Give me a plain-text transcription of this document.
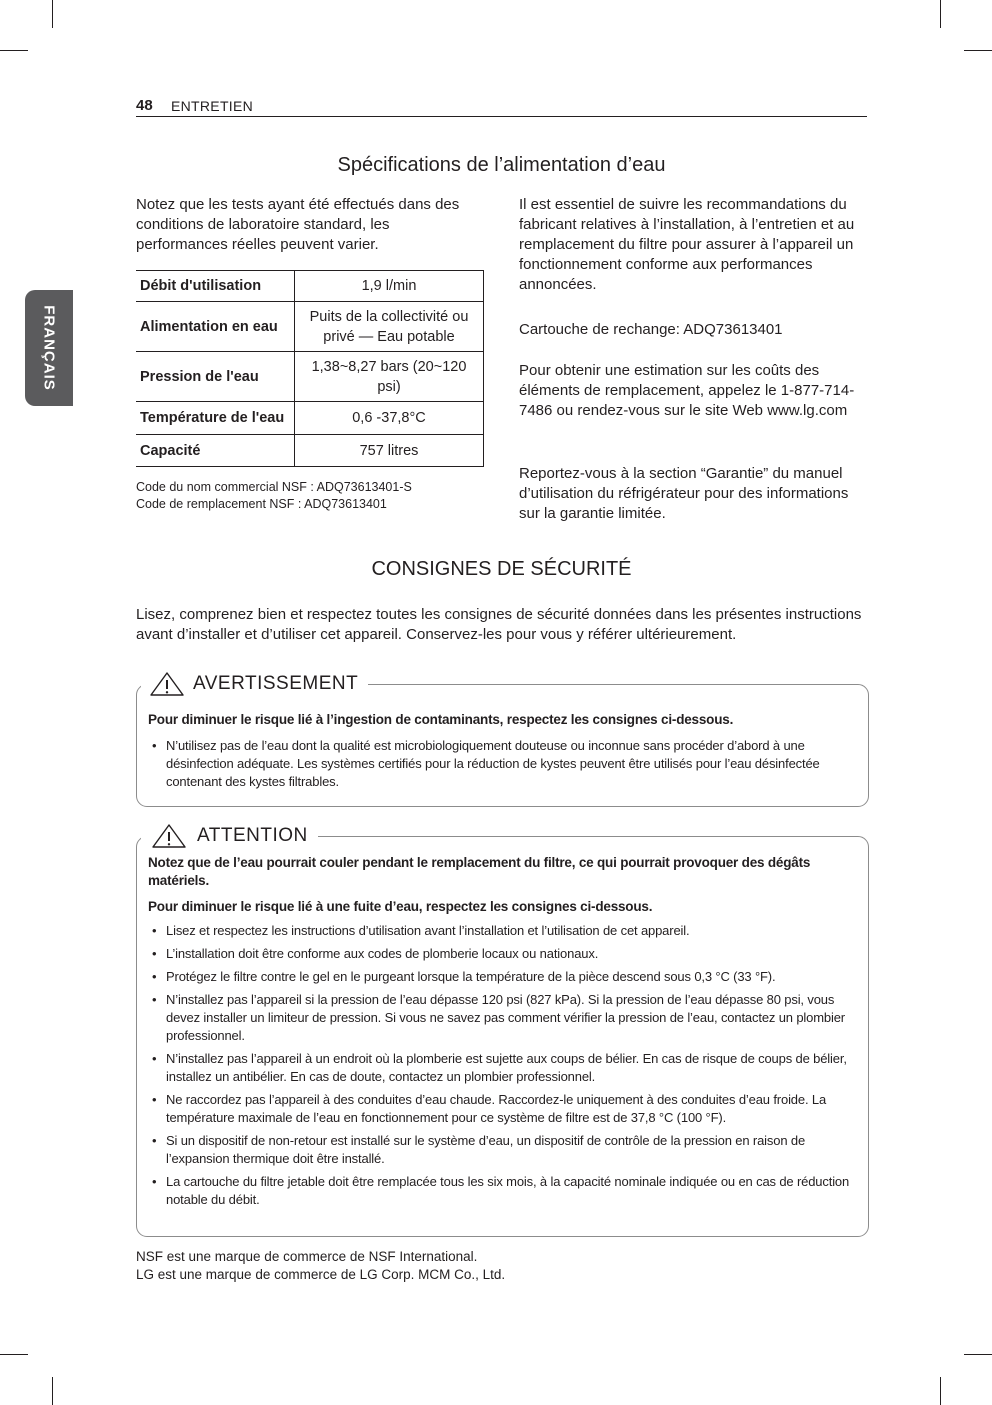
FRANÇAIS
48 ENTRETIEN
Spécifications de l’alimentation d’eau

Notez que les tests ayant été effectués dans des conditions de laboratoire standard, les performances réelles peuvent varier.

Débit d'utilisation	1,9 l/min
Alimentation en eau	Puits de la collectivité ou privé — Eau potable
Pression de l'eau	1,38~8,27 bars (20~120 psi)
Température de l'eau	0,6 -37,8°C
Capacité	757 litres
Code du nom commercial NSF : ADQ73613401-S
Code de remplacement NSF : ADQ73613401

Il est essentiel de suivre les recommandations du fabricant relatives à l’installation, à l’entretien et au remplacement du filtre pour assurer à l’appareil un fonctionnement conforme aux performances annoncées.

Cartouche de rechange: ADQ73613401

Pour obtenir une estimation sur les coûts des éléments de remplacement, appelez le 1-877-714-7486 ou rendez-vous sur le site Web www.lg.com

Reportez-vous à la section “Garantie” du manuel d’utilisation du réfrigérateur pour des informations sur la garantie limitée.

CONSIGNES DE SÉCURITÉ

Lisez, comprenez bien et respectez toutes les consignes de sécurité données dans les présentes instructions avant d’installer et d’utiliser cet appareil. Conservez-les pour vous y référer ultérieurement.

AVERTISSEMENT

Pour diminuer le risque lié à l’ingestion de contaminants, respectez les consignes ci-dessous.

• N’utilisez pas de l’eau dont la qualité est microbiologiquement douteuse ou inconnue sans procéder d’abord à une désinfection adéquate. Les systèmes certifiés pour la réduction de kystes peuvent être utilisés pour l’eau désinfectée contenant des kystes filtrables.
ATTENTION

Notez que de l’eau pourrait couler pendant le remplacement du filtre, ce qui pourrait provoquer des dégâts matériels.

Pour diminuer le risque lié à une fuite d’eau, respectez les consignes ci-dessous.

• Lisez et respectez les instructions d’utilisation avant l’installation et l’utilisation de cet appareil.
• L’installation doit être conforme aux codes de plomberie locaux ou nationaux.
• Protégez le filtre contre le gel en le purgeant lorsque la température de la pièce descend sous 0,3 °C (33 °F).
• N’installez pas l’appareil si la pression de l’eau dépasse 120 psi (827 kPa). Si la pression de l’eau dépasse 80 psi, vous devez installer un limiteur de pression. Si vous ne savez pas comment vérifier la pression de l’eau, contactez un plombier professionnel.
• N’installez pas l’appareil à un endroit où la plomberie est sujette aux coups de bélier. En cas de risque de coups de bélier, installez un antibélier. En cas de doute, contactez un plombier professionnel.
• Ne raccordez pas l’appareil à des conduites d’eau chaude. Raccordez-le uniquement à des conduites d’eau froide. La température maximale de l’eau en fonctionnement pour ce système de filtre est de 37,8 °C (100 °F).
• Si un dispositif de non-retour est installé sur le système d’eau, un dispositif de contrôle de la pression en raison de l’expansion thermique doit être installé.
• La cartouche du filtre jetable doit être remplacée tous les six mois, à la capacité nominale indiquée ou en cas de réduction notable du débit.
NSF est une marque de commerce de NSF International.
LG est une marque de commerce de LG Corp. MCM Co., Ltd.
